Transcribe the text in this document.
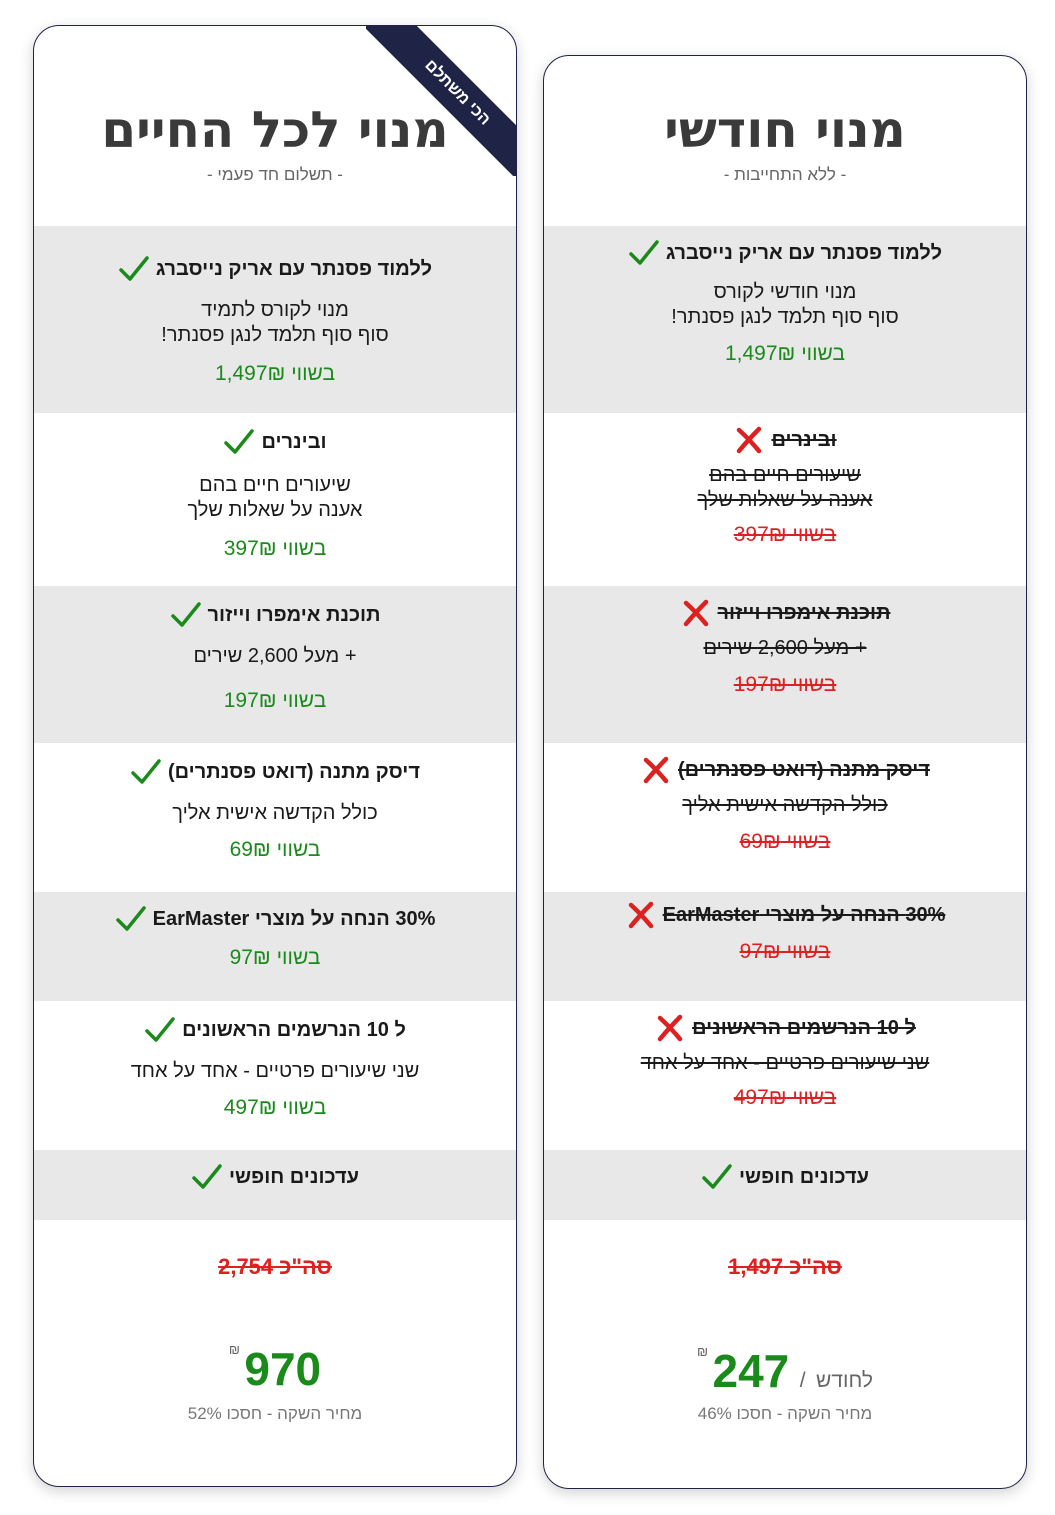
מנוי לכל החיים
- תשלום חד פעמי -
הכי משתלם
ללמוד פסנתר עם אריק נייסברג
מנוי לקורס לתמיד
סוף סוף תלמד לנגן פסנתר!
בשווי 1,497₪
ובינרים
שיעורים חיים בהם
אענה על שאלות שלך
בשווי 397₪
תוכנת אימפרו וייזור
+ מעל 2,600 שירים
בשווי 197₪
דיסק מתנה (דואט פסנתרים)
כולל הקדשה אישית אליך
בשווי 69₪
30% הנחה על מוצרי EarMaster
בשווי 97₪
ל 10 הנרשמים הראשונים
שני שיעורים פרטיים - אחד על אחד
בשווי 497₪
עדכונים חופשי
סה"כ 2,754
970 ₪
מחיר השקה - חסכו 52%
מנוי חודשי
- ללא התחייבות -
ללמוד פסנתר עם אריק נייסברג
מנוי חודשי לקורס
סוף סוף תלמד לנגן פסנתר!
בשווי 1,497₪
ובינרים
שיעורים חיים בהם
אענה על שאלות שלך
בשווי 397₪
תוכנת אימפרו וייזור
+ מעל 2,600 שירים
בשווי 197₪
דיסק מתנה (דואט פסנתרים)
כולל הקדשה אישית אליך
בשווי 69₪
30% הנחה על מוצרי EarMaster
בשווי 97₪
ל 10 הנרשמים הראשונים
שני שיעורים פרטיים - אחד על אחד
בשווי 497₪
עדכונים חופשי
סה"כ 1,497
לחודש / 247 ₪
מחיר השקה - חסכו 46%
